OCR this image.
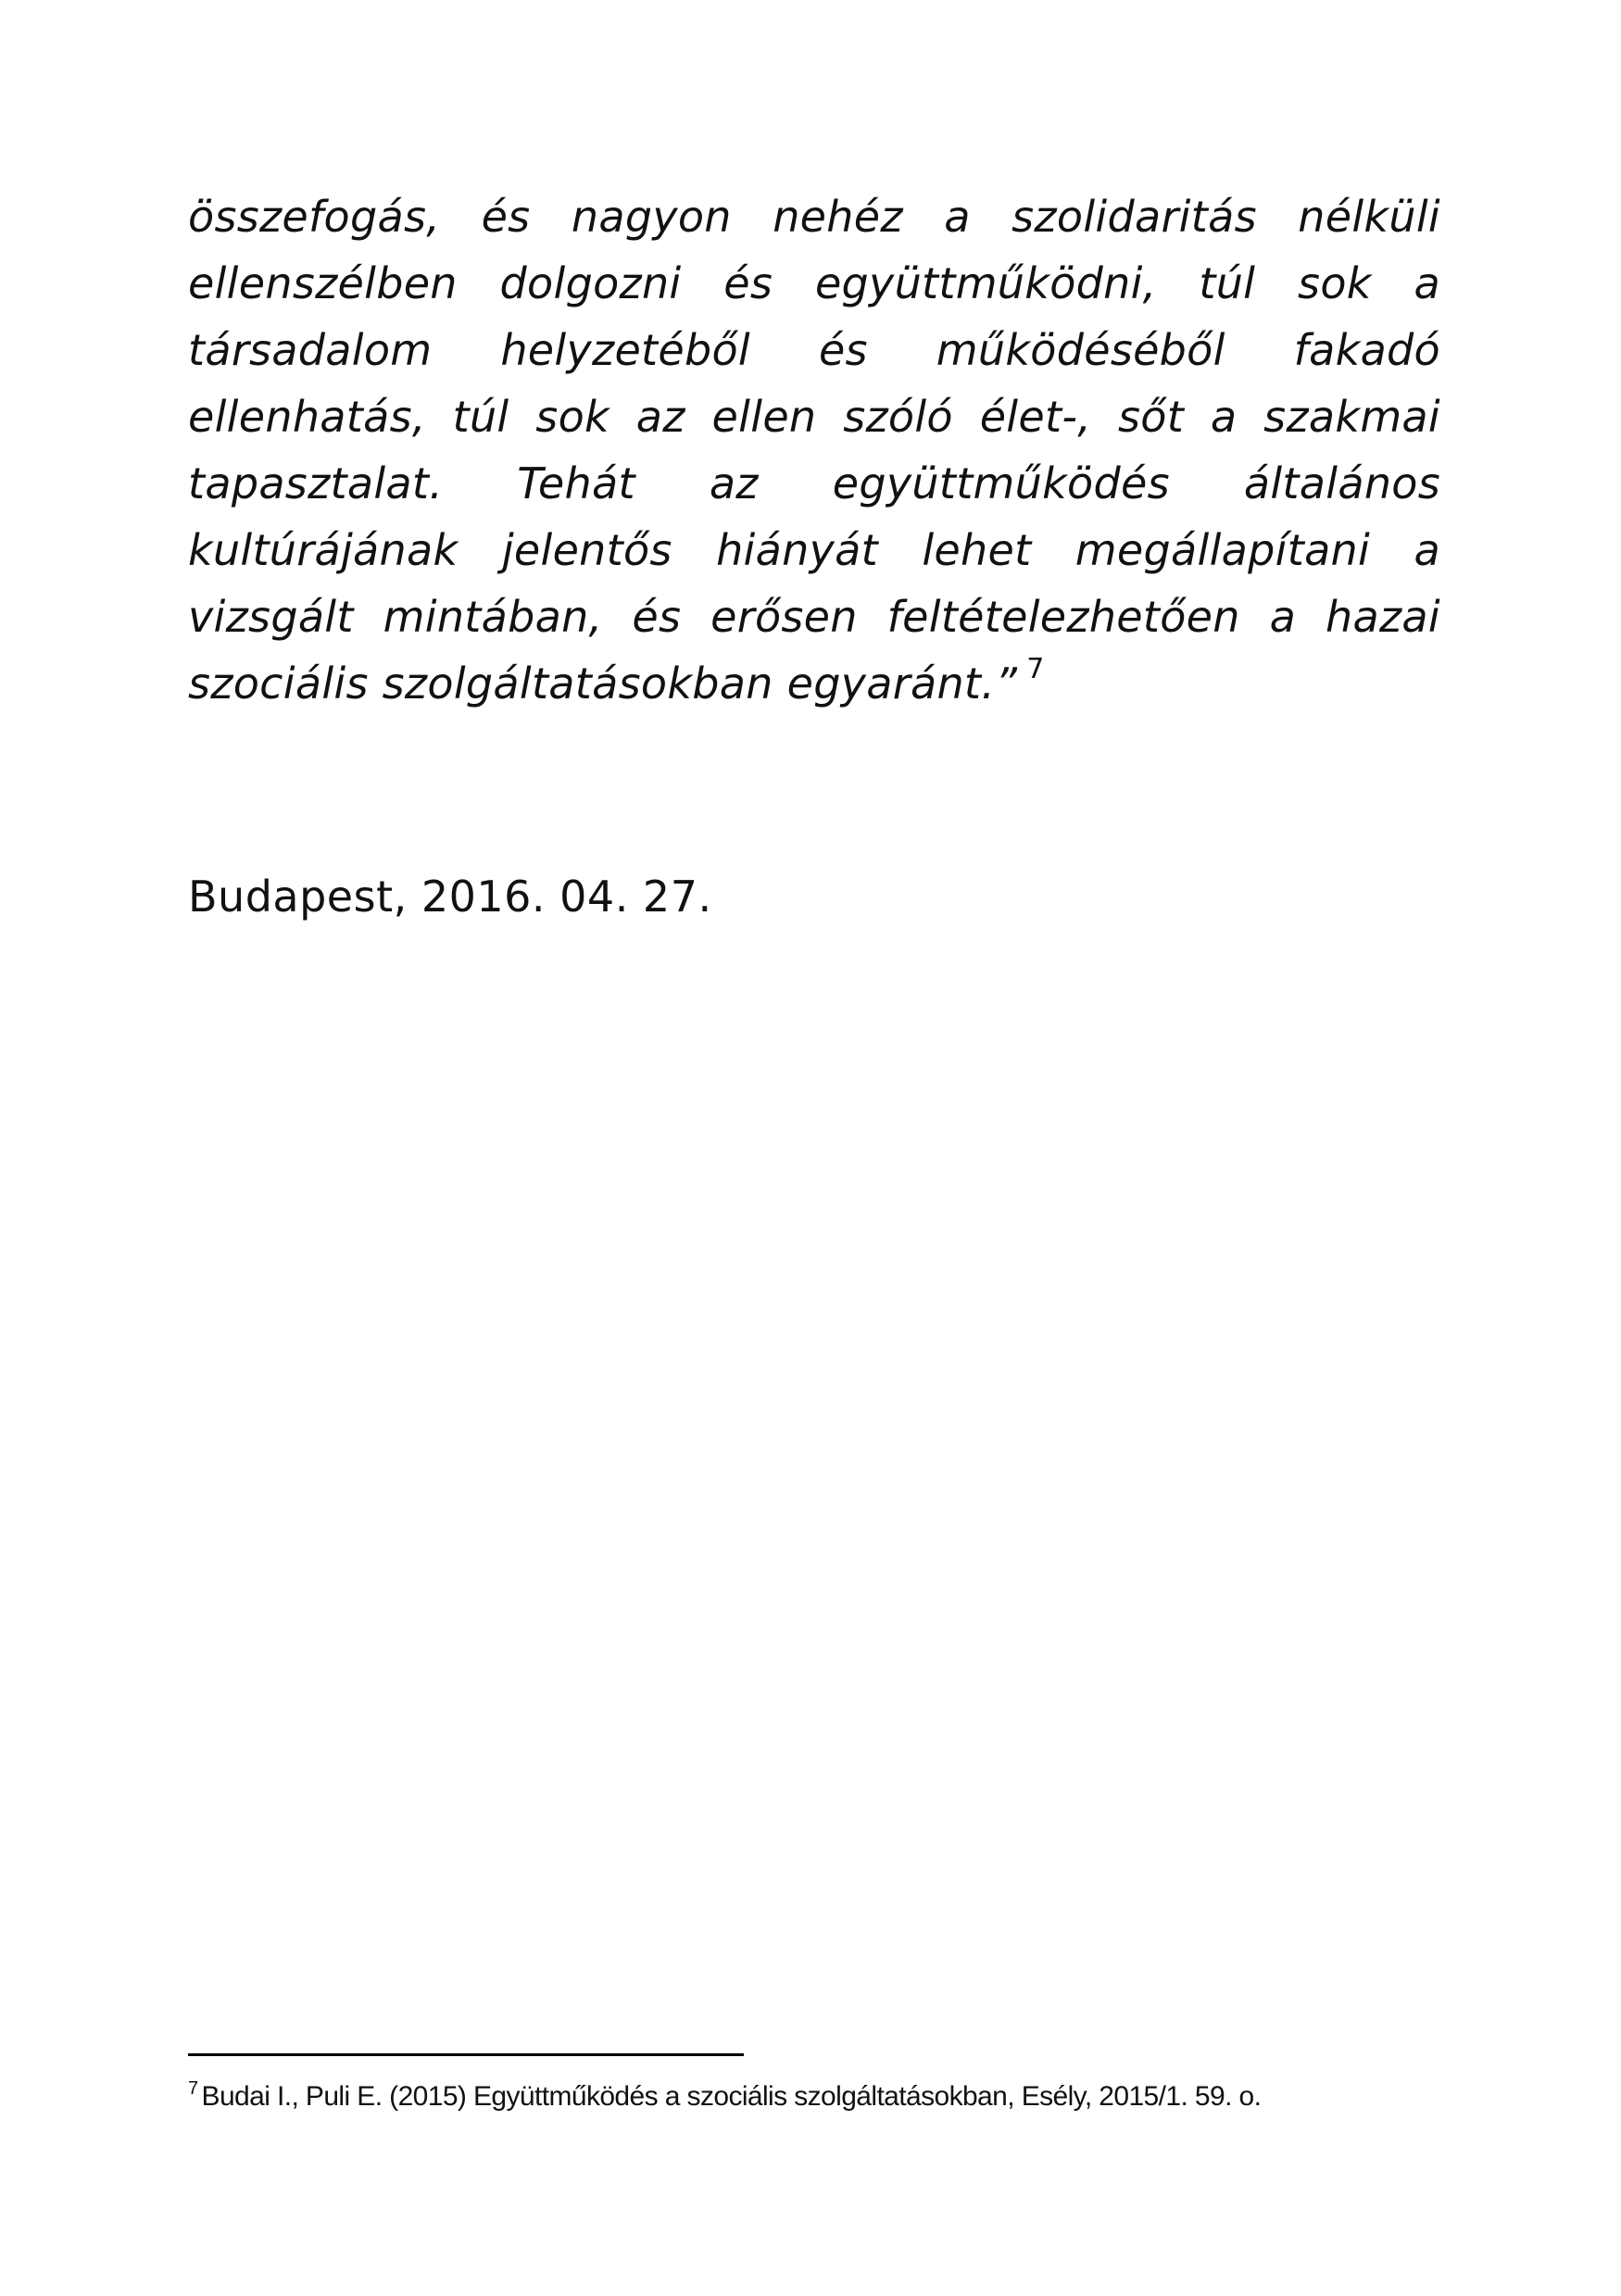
összefogás, és nagyon nehéz a szolidaritás nélküli
ellenszélben dolgozni és együttműködni, túl sok a
társadalom helyzetéből és működéséből fakadó
ellenhatás, túl sok az ellen szóló élet-, sőt a szakmai
tapasztalat. Tehát az együttműködés általános
kultúrájának jelentős hiányát lehet megállapítani a
vizsgált mintában, és erősen feltételezhetően a hazai
szociális szolgáltatásokban egyaránt.” $^7$

Budapest, 2016. 04. 27.

$^7$ Budai I., Puli E. (2015) Együttműködés a szociális szolgáltatásokban, Esély, 2015/1. 59. o.
